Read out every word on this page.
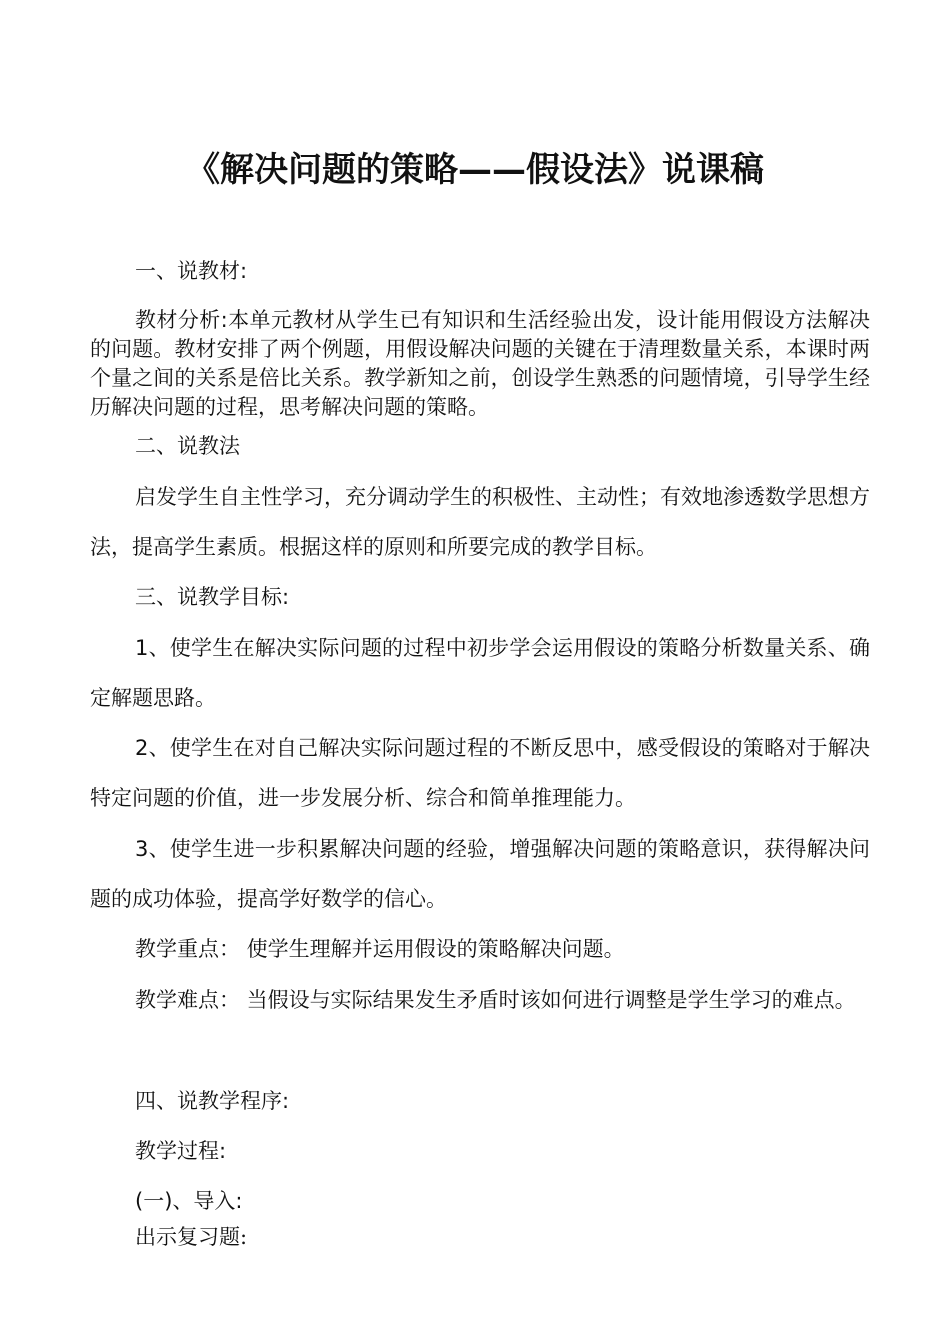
《解决问题的策略——假设法》说课稿

一、说教材:

教材分析:本单元教材从学生已有知识和生活经验出发，设计能用假设方法解决的问题。教材安排了两个例题，用假设解决问题的关键在于清理数量关系，本课时两个量之间的关系是倍比关系。教学新知之前，创设学生熟悉的问题情境，引导学生经历解决问题的过程，思考解决问题的策略。

二、说教法

启发学生自主性学习，充分调动学生的积极性、主动性；有效地渗透数学思想方法，提高学生素质。根据这样的原则和所要完成的教学目标。

三、说教学目标:

1、使学生在解决实际问题的过程中初步学会运用假设的策略分析数量关系、确定解题思路。

2、使学生在对自己解决实际问题过程的不断反思中，感受假设的策略对于解决特定问题的价值，进一步发展分析、综合和简单推理能力。

3、使学生进一步积累解决问题的经验，增强解决问题的策略意识，获得解决问题的成功体验，提高学好数学的信心。

教学重点： 使学生理解并运用假设的策略解决问题。

教学难点： 当假设与实际结果发生矛盾时该如何进行调整是学生学习的难点。

四、说教学程序:

教学过程:

(一)、导入:

出示复习题:
